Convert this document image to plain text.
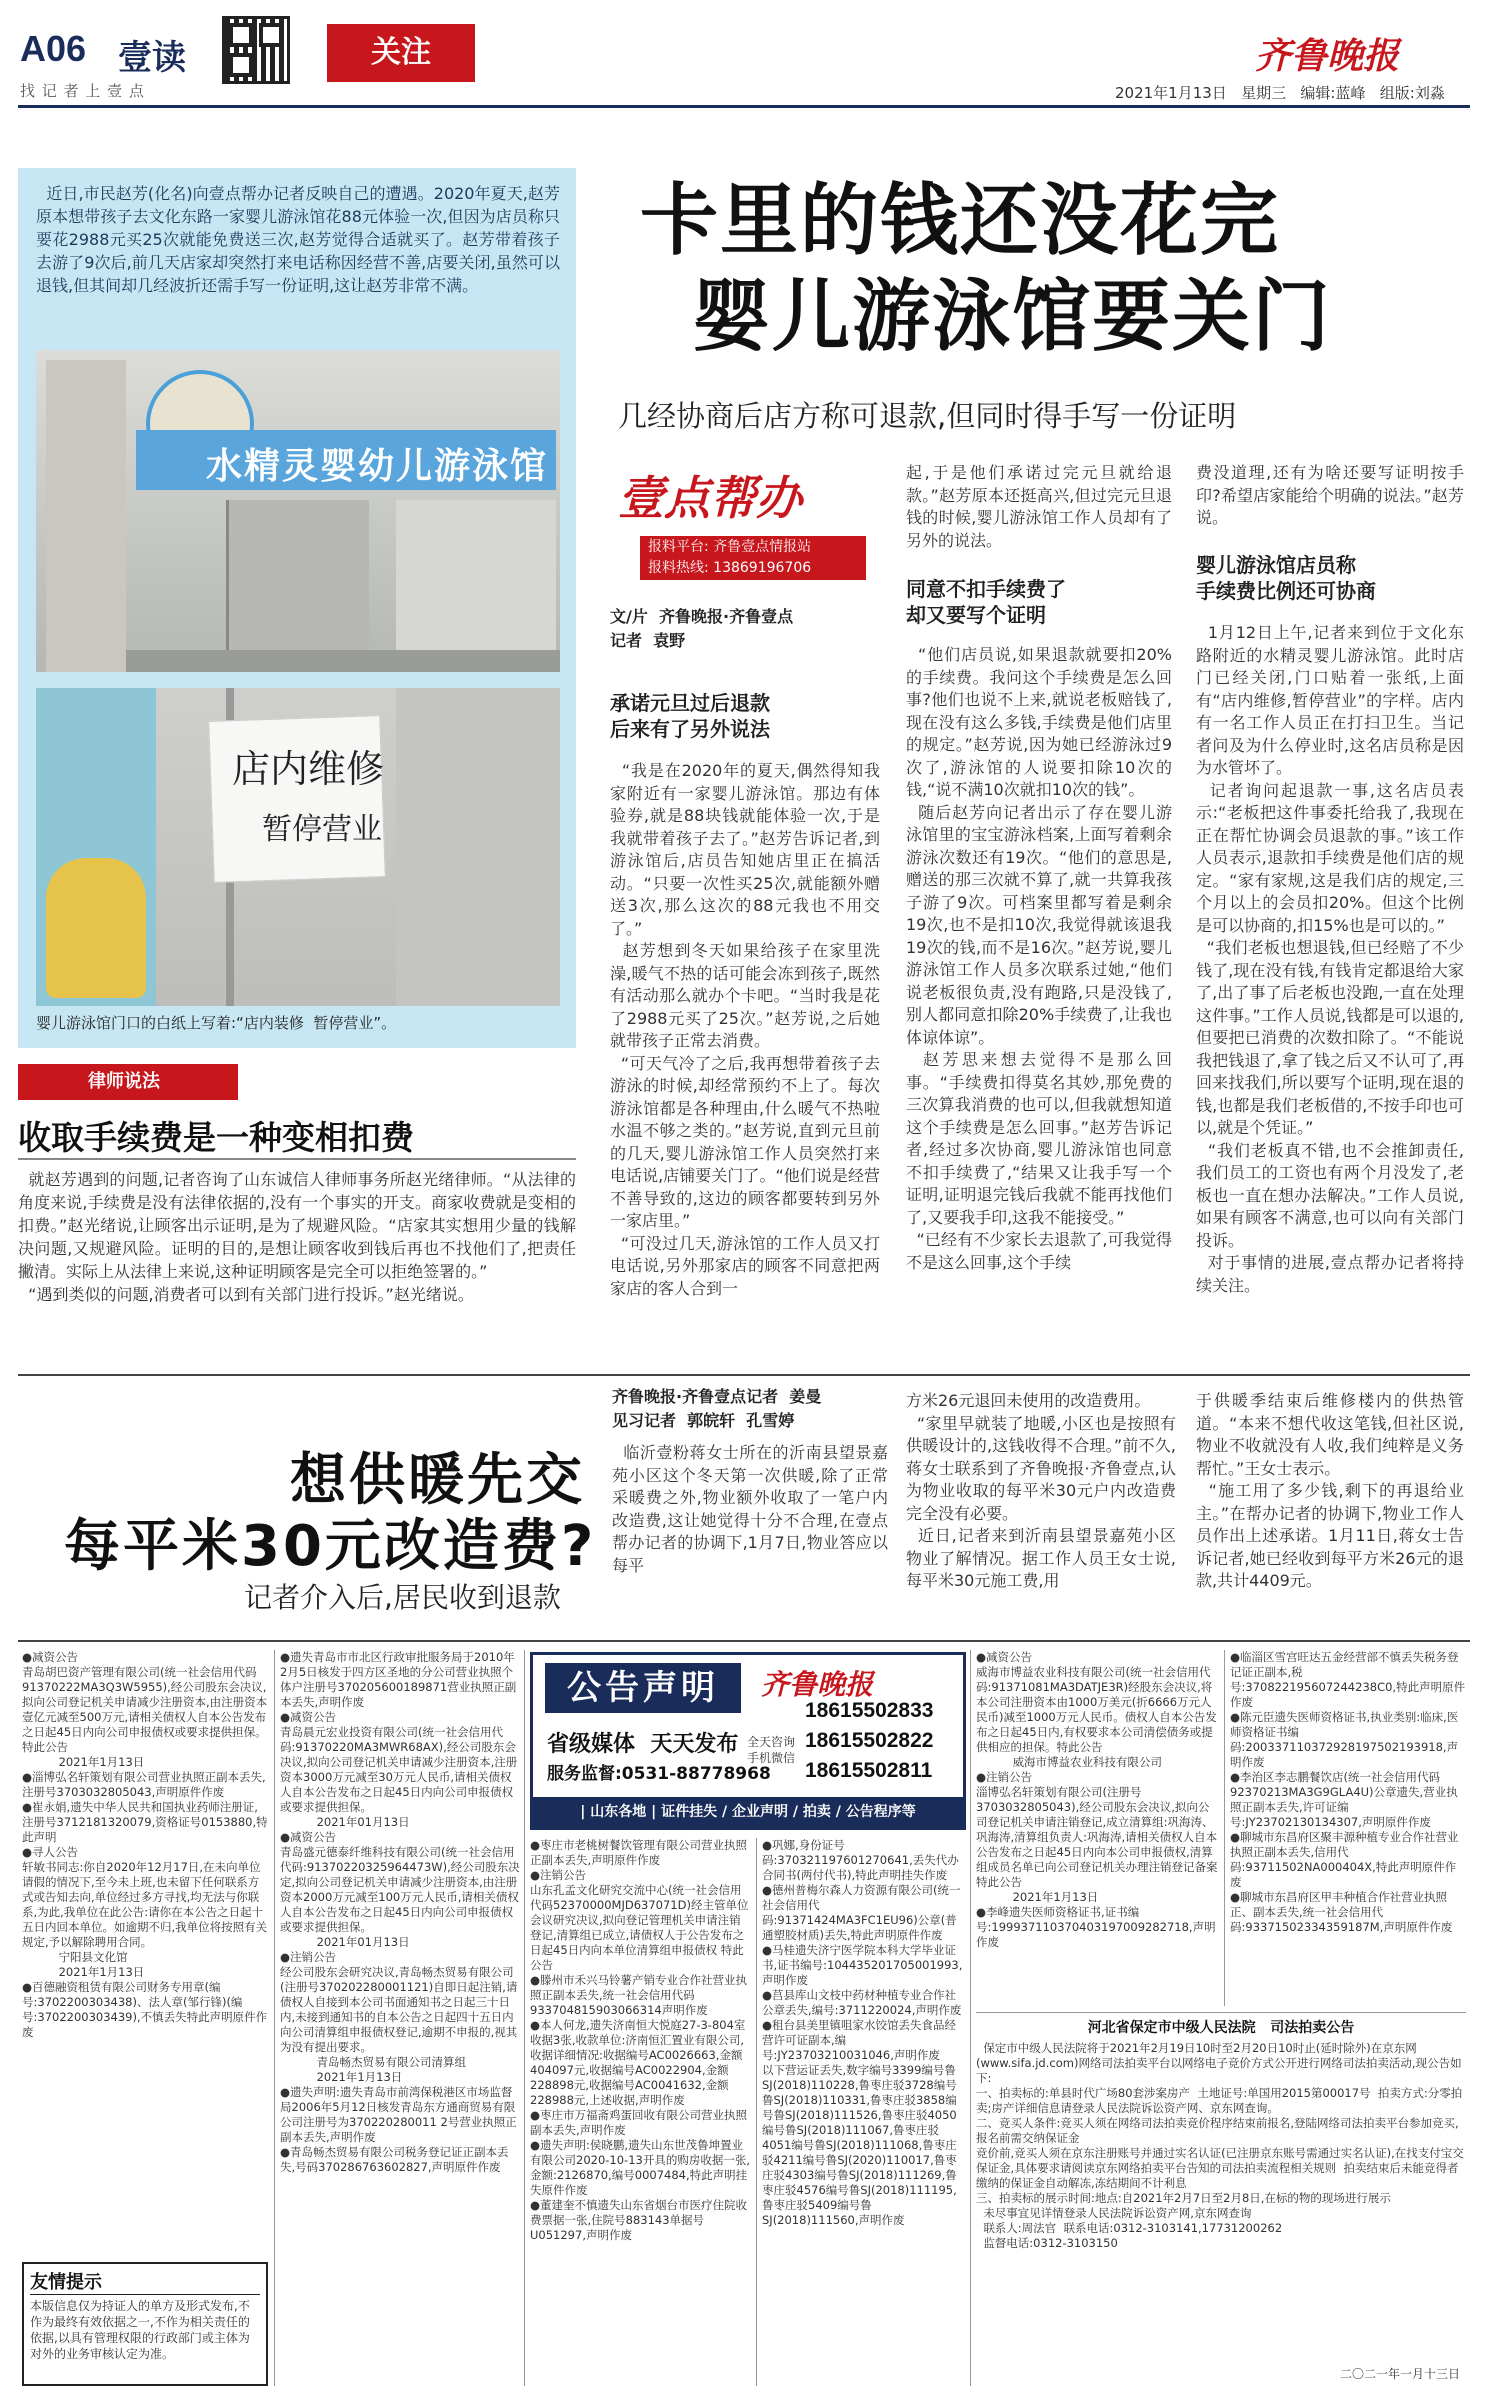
A06 壹读
找 记 者 上 壹 点
关注	齐鲁晚报
2021年1月13日   星期三   编辑:蓝峰   组版:刘淼
近日,市民赵芳(化名)向壹点帮办记者反映自己的遭遇。2020年夏天,赵芳原本想带孩子去文化东路一家婴儿游泳馆花88元体验一次,但因为店员称只要花2988元买25次就能免费送三次,赵芳觉得合适就买了。赵芳带着孩子去游了9次后,前几天店家却突然打来电话称因经营不善,店要关闭,虽然可以退钱,但其间却几经波折还需手写一份证明,这让赵芳非常不满。
水精灵婴幼儿游泳馆
店内维修
暂停营业
婴儿游泳馆门口的白纸上写着:“店内装修  暂停营业”。
卡里的钱还没花完
婴儿游泳馆要关门
几经协商后店方称可退款,但同时得手写一份证明
壹点帮办
报料平台: 齐鲁壹点情报站
报料热线: 13869196706
文/片  齐鲁晚报·齐鲁壹点
记者  袁野
承诺元旦过后退款
后来有了另外说法
“我是在2020年的夏天,偶然得知我家附近有一家婴儿游泳馆。那边有体验券,就是88块钱就能体验一次,于是我就带着孩子去了。”赵芳告诉记者,到游泳馆后,店员告知她店里正在搞活动。“只要一次性买25次,就能额外赠送3次,那么这次的88元我也不用交了。”
赵芳想到冬天如果给孩子在家里洗澡,暖气不热的话可能会冻到孩子,既然有活动那么就办个卡吧。“当时我是花了2988元买了25次。”赵芳说,之后她就带孩子正常去消费。
“可天气冷了之后,我再想带着孩子去游泳的时候,却经常预约不上了。每次游泳馆都是各种理由,什么暖气不热啦水温不够之类的。”赵芳说,直到元旦前的几天,婴儿游泳馆工作人员突然打来电话说,店铺要关门了。“他们说是经营不善导致的,这边的顾客都要转到另外一家店里。”
“可没过几天,游泳馆的工作人员又打电话说,另外那家店的顾客不同意把两家店的客人合到一
起,于是他们承诺过完元旦就给退款。”赵芳原本还挺高兴,但过完元旦退钱的时候,婴儿游泳馆工作人员却有了另外的说法。
同意不扣手续费了
却又要写个证明
“他们店员说,如果退款就要扣20%的手续费。我问这个手续费是怎么回事?他们也说不上来,就说老板赔钱了,现在没有这么多钱,手续费是他们店里的规定。”赵芳说,因为她已经游泳过9次了,游泳馆的人说要扣除10次的钱,“说不满10次就扣10次的钱”。
随后赵芳向记者出示了存在婴儿游泳馆里的宝宝游泳档案,上面写着剩余游泳次数还有19次。“他们的意思是,赠送的那三次就不算了,就一共算我孩子游了9次。可档案里都写着是剩余19次,也不是扣10次,我觉得就该退我19次的钱,而不是16次。”赵芳说,婴儿游泳馆工作人员多次联系过她,“他们说老板很负责,没有跑路,只是没钱了,别人都同意扣除20%手续费了,让我也体谅体谅”。
赵芳思来想去觉得不是那么回事。“手续费扣得莫名其妙,那免费的三次算我消费的也可以,但我就想知道这个手续费是怎么回事。”赵芳告诉记者,经过多次协商,婴儿游泳馆也同意不扣手续费了,“结果又让我手写一个证明,证明退完钱后我就不能再找他们了,又要我手印,这我不能接受。”
“已经有不少家长去退款了,可我觉得不是这么回事,这个手续
费没道理,还有为啥还要写证明按手印?希望店家能给个明确的说法。”赵芳说。
婴儿游泳馆店员称
手续费比例还可协商
1月12日上午,记者来到位于文化东路附近的水精灵婴儿游泳馆。此时店门已经关闭,门口贴着一张纸,上面有“店内维修,暂停营业”的字样。店内有一名工作人员正在打扫卫生。当记者问及为什么停业时,这名店员称是因为水管坏了。
记者询问起退款一事,这名店员表示:“老板把这件事委托给我了,我现在正在帮忙协调会员退款的事。”该工作人员表示,退款扣手续费是他们店的规定。“家有家规,这是我们店的规定,三个月以上的会员扣20%。但这个比例是可以协商的,扣15%也是可以的。”
“我们老板也想退钱,但已经赔了不少钱了,现在没有钱,有钱肯定都退给大家了,出了事了后老板也没跑,一直在处理这件事。”工作人员说,钱都是可以退的,但要把已消费的次数扣除了。“不能说我把钱退了,拿了钱之后又不认可了,再回来找我们,所以要写个证明,现在退的钱,也都是我们老板借的,不按手印也可以,就是个凭证。”
“我们老板真不错,也不会推卸责任,我们员工的工资也有两个月没发了,老板也一直在想办法解决。”工作人员说,如果有顾客不满意,也可以向有关部门投诉。
对于事情的进展,壹点帮办记者将持续关注。
律师说法
收取手续费是一种变相扣费
就赵芳遇到的问题,记者咨询了山东诚信人律师事务所赵光绪律师。“从法律的角度来说,手续费是没有法律依据的,没有一个事实的开支。商家收费就是变相的扣费。”赵光绪说,让顾客出示证明,是为了规避风险。“店家其实想用少量的钱解决问题,又规避风险。证明的目的,是想让顾客收到钱后再也不找他们了,把责任撇清。实际上从法律上来说,这种证明顾客是完全可以拒绝签署的。”
“遇到类似的问题,消费者可以到有关部门进行投诉。”赵光绪说。
想供暖先交
每平米30元改造费?
记者介入后,居民收到退款
齐鲁晚报·齐鲁壹点记者  姜曼
见习记者  郭皖轩  孔雪婷
临沂壹粉蒋女士所在的沂南县望景嘉苑小区这个冬天第一次供暖,除了正常采暖费之外,物业额外收取了一笔户内改造费,这让她觉得十分不合理,在壹点帮办记者的协调下,1月7日,物业答应以每平
方米26元退回未使用的改造费用。
“家里早就装了地暖,小区也是按照有供暖设计的,这钱收得不合理。”前不久,蒋女士联系到了齐鲁晚报·齐鲁壹点,认为物业收取的每平米30元户内改造费完全没有必要。
近日,记者来到沂南县望景嘉苑小区物业了解情况。据工作人员王女士说,每平米30元施工费,用
于供暖季结束后维修楼内的供热管道。“本来不想代收这笔钱,但社区说,物业不收就没有人收,我们纯粹是义务帮忙。”王女士表示。
“施工用了多少钱,剩下的再退给业主。”在帮办记者的协调下,物业工作人员作出上述承诺。1月11日,蒋女士告诉记者,她已经收到每平方米26元的退款,共计4409元。
●减资公告
青岛胡巴资产管理有限公司(统一社会信用代码91370222MA3Q3W5955),经公司股东会决议,拟向公司登记机关申请减少注册资本,由注册资本壹亿元减至500万元,请相关债权人自本公告发布之日起45日内向公司申报债权或要求提供担保。特此公告
2021年1月13日
●淄博弘名轩策划有限公司营业执照正副本丢失,注册号3703032805043,声明原件作废
●崔永娟,遗失中华人民共和国执业药师注册证,注册号3712181320079,资格证号0153880,特此声明
●寻人公告
轩敏书同志:你自2020年12月17日,在未向单位请假的情况下,至今未上班,也未留下任何联系方式或告知去向,单位经过多方寻找,均无法与你联系,为此,我单位在此公告:请你在本公告之日起十五日内回本单位。如逾期不归,我单位将按照有关规定,予以解除聘用合同。
宁阳县文化馆
2021年1月13日
●百德融资租赁有限公司财务专用章(编号:3702200303438)、法人章(邹行锋)(编号:3702200303439),不慎丢失特此声明原件作废
友情提示
本版信息仅为持证人的单方及形式发布,不作为最终有效依据之一,不作为相关责任的依据,以具有管理权限的行政部门或主体为对外的业务审核认定为准。
●遗失青岛市市北区行政审批服务局于2010年2月5日核发于四方区圣地的分公司营业执照个体户注册号370205600189871营业执照正副本丢失,声明作废
●减资公告
青岛晨元宏业投资有限公司(统一社会信用代码:91370220MA3MWR68AX),经公司股东会决议,拟向公司登记机关申请减少注册资本,注册资本3000万元减至30万元人民币,请相关债权人自本公告发布之日起45日内向公司申报债权或要求提供担保。
2021年01月13日
●减资公告
青岛盛元德泰纤维科技有限公司(统一社会信用代码:91370220325964473W),经公司股东决定,拟向公司登记机关申请减少注册资本,由注册资本2000万元减至100万元人民币,请相关债权人自本公告发布之日起45日内向公司申报债权或要求提供担保。
2021年01月13日
●注销公告
经公司股东会研究决议,青岛畅杰贸易有限公司(注册号370202280001121)自即日起注销,请债权人自接到本公司书面通知书之日起三十日内,未接到通知书的自本公告之日起四十五日内向公司清算组申报债权登记,逾期不申报的,视其为没有提出要求。
青岛畅杰贸易有限公司清算组
2021年1月13日
●遗失声明:遗失青岛市前湾保税港区市场监督局2006年5月12日核发青岛东方通商贸易有限公司注册号为370220280011 2号营业执照正副本丢失,声明作废
●青岛畅杰贸易有限公司税务登记证正副本丢失,号码3702867636028​27,声明原件作废
公告声明	齐鲁晚报
省级媒体  天天发布
服务监督:0531-88778968
全天咨询
手机微信
18615502833
18615502822
18615502811
| 山东各地 | 证件挂失 / 企业声明 / 拍卖 / 公告程序等
●枣庄市老桃树餐饮管理有限公司营业执照正副本丢失,声明原件作废
●注销公告
山东孔孟文化研究交流中心(统一社会信用代码52370000MJD637071D)经主管单位会议研究决议,拟向登记管理机关申请注销登记,清算组已成立,请债权人于公告发布之日起45日内向本单位清算组申报债权 特此公告
●滕州市禾兴马铃薯产销专业合作社营业执照正副本丢失,统一社会信用代码93370481590306631​4声明作废
●本人何龙,遗失济南恒大悦庭27-3-804室收据3张,收款单位:济南恒汇置业有限公司,收据详细情况:收据编号AC0026663,金额404097元,收据编号AC0022904,金额228898元,收据编号AC0041632,金额228988元,上述收据,声明作废
●枣庄市万福斋鸡蛋回收有限公司营业执照副本丢失,声明作废
●遗失声明:侯晓鹏,遗失山东世茂鲁坤置业有限公司2020-10-13开具的购房收据一张,金额:2126870,编号0007484,特此声明挂失原件作废
●董建奎不慎遗失山东省烟台市医疗住院收费票据一张,住院号883143单据号U051297,声明作废
●巩娜,身份证号码:370321197601270641,丢失代办合同书(两付代书),特此声明挂失作废
●德州普梅尔森人力资源有限公司(统一社会信用代码:91371424MA3FC1EU96)公章(普通塑胶材质)丢失,特此声明原件作废
●马桂遗失济宁医学院本科大学毕业证书,证书编号:104435201705001993,声明作废
●莒县库山文枝中药材种植专业合作社公章丢失,编号:3711220024,声明作废
●租台县美里镇咀家水饺馆丢失食品经营许可证副本,编号:JY23703210031046,声明作废
以下营运证丢失,数字编号3399编号鲁SJ(2018)110228,鲁枣庄驳3728编号鲁SJ(2018)110331,鲁枣庄驳3858编号鲁SJ(2018)111526,鲁枣庄驳4050编号鲁SJ(2018)111067,鲁枣庄驳4051编号鲁SJ(2018)111068,鲁枣庄驳4211编号鲁SJ(2020)110017,鲁枣庄驳4303编号鲁SJ(2018)111269,鲁枣庄驳4576编号鲁SJ(2018)111195,鲁枣庄驳5409编号鲁SJ(2018)111560,声明作废
●减资公告
威海市博益农业科技有限公司(统一社会信用代码:91371081MA3DATJE3R)经股东会决议,将本公司注册资本由1000万美元(折6666万元人民币)减至1000万元人民币。债权人自本公告发布之日起45日内,有权要求本公司清偿债务或提供相应的担保。特此公告
威海市博益农业科技有限公司
●注销公告
淄博弘名轩策划有限公司(注册号3703032805043),经公司股东会决议,拟向公司登记机关申请注销登记,成立清算组:巩海涛、巩海涛,清算组负责人:巩海涛,请相关债权人自本公告发布之日起45日内向本公司申报债权,清算组成员名单已向公司登记机关办理注销登记备案 特此公告
2021年1月13日
●李峰遗失医师资格证书,证书编号:199937110370403197009282718,声明作废
●临淄区雪宫旺达五金经营部不慎丢失税务登记证正副本,税号:370822195607244238C0,特此声明原件作废
●陈元臣遗失医师资格证书,执业类别:临床,医师资格证书编码:200337110372928197502193918,声明作废
●李治区李志鹏餐饮店(统一社会信用代码92370213MA3G9GLA4U)公章遗失,营业执照正副本丢失,许可证编号:JY23702130134307,声明原件作废
●聊城市东昌府区聚丰源种植专业合作社营业执照正副本丢失,信用代码:93711502NA000404X,特此声明原件作废
●聊城市东昌府区甲丰种植合作社营业执照正、副本丢失,统一社会信用代码:933715023343591​87M,声明原件作废
河北省保定市中级人民法院   司法拍卖公告
保定市中级人民法院将于2021年2月19日10时至2月20日10时止(延时除外)在京东网(www.sifa.jd.com)网络司法拍卖平台以网络电子竞价方式公开进行网络司法拍卖活动,现公告如下:
一、拍卖标的:单县时代广场80套涉案房产  土地证号:单国用2015第00017号  拍卖方式:分零拍卖;房产详细信息请登录人民法院诉讼资产网、京东网查询。
二、竞买人条件:竞买人须在网络司法拍卖竞价程序结束前报名,登陆网络司法拍卖平台参加竞买,报名前需交纳保证金
竞价前,竞买人须在京东注册账号并通过实名认证(已注册京东账号需通过实名认证),在找支付宝交保证金,具体要求请阅读京东网络拍卖平台告知的司法拍卖流程相关规则  拍卖结束后未能竞得者缴纳的保证金自动解冻,冻结期间不计利息
三、拍卖标的展示时间:地点:自2021年2月7日至2月8日,在标的物的现场进行展示
未尽事宜见详情登录人民法院诉讼资产网,京东网查询
联系人:周法官  联系电话:0312-3103141,17731200262
监督电话:0312-3103150
二〇二一年一月十三日
